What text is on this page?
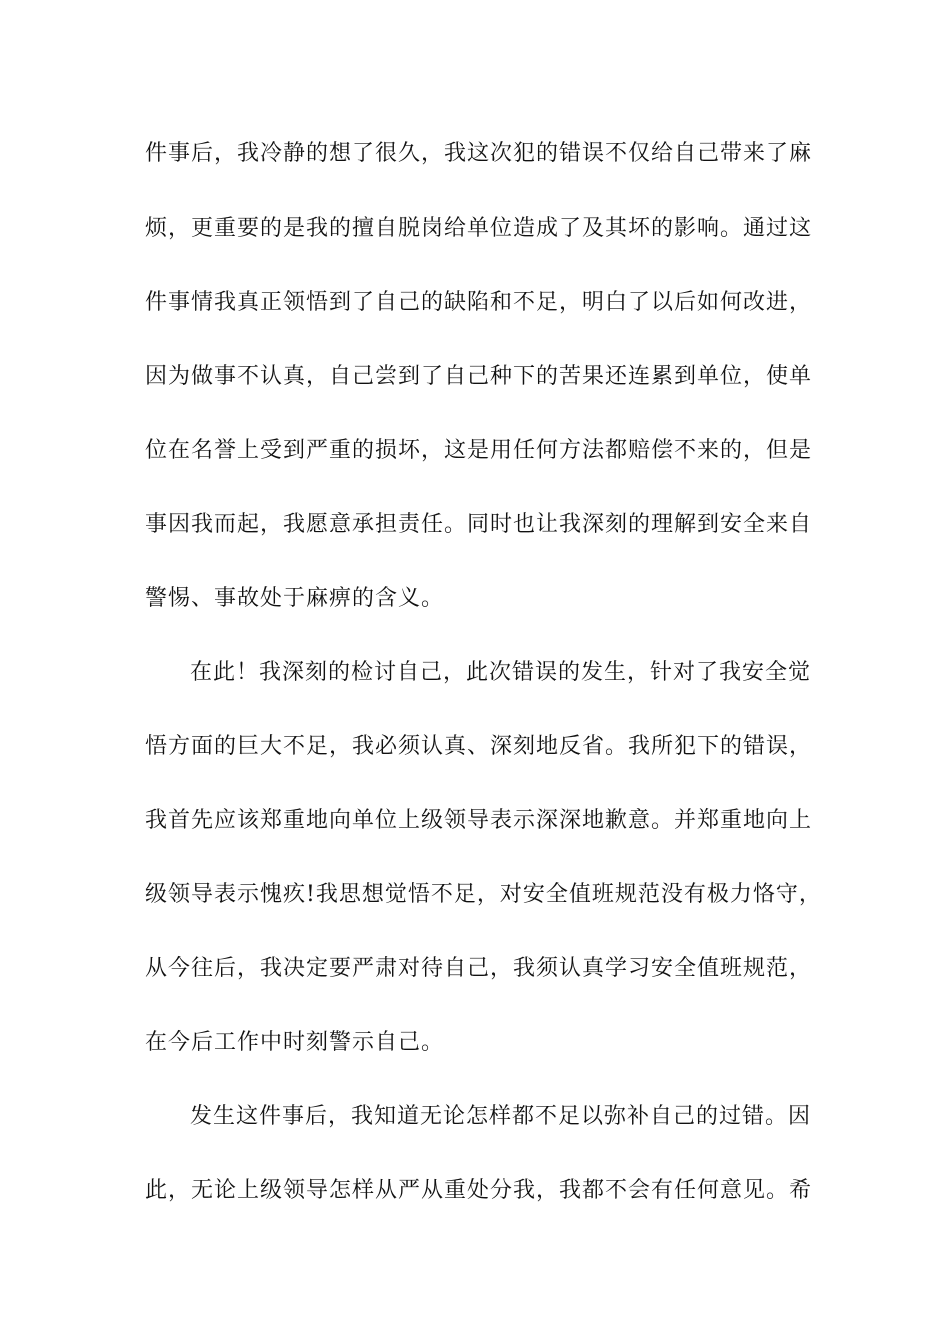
件事后，我冷静的想了很久，我这次犯的错误不仅给自己带来了麻
烦，更重要的是我的擅自脱岗给单位造成了及其坏的影响。通过这
件事情我真正领悟到了自己的缺陷和不足，明白了以后如何改进，
因为做事不认真，自己尝到了自己种下的苦果还连累到单位，使单
位在名誉上受到严重的损坏，这是用任何方法都赔偿不来的，但是
事因我而起，我愿意承担责任。同时也让我深刻的理解到安全来自
警惕、事故处于麻痹的含义。
在此！我深刻的检讨自己，此次错误的发生，针对了我安全觉
悟方面的巨大不足，我必须认真、深刻地反省。我所犯下的错误，
我首先应该郑重地向单位上级领导表示深深地歉意。并郑重地向上
级领导表示愧疚!我思想觉悟不足，对安全值班规范没有极力恪守，
从今往后，我决定要严肃对待自己，我须认真学习安全值班规范，
在今后工作中时刻警示自己。
发生这件事后，我知道无论怎样都不足以弥补自己的过错。因
此，无论上级领导怎样从严从重处分我，我都不会有任何意见。希
